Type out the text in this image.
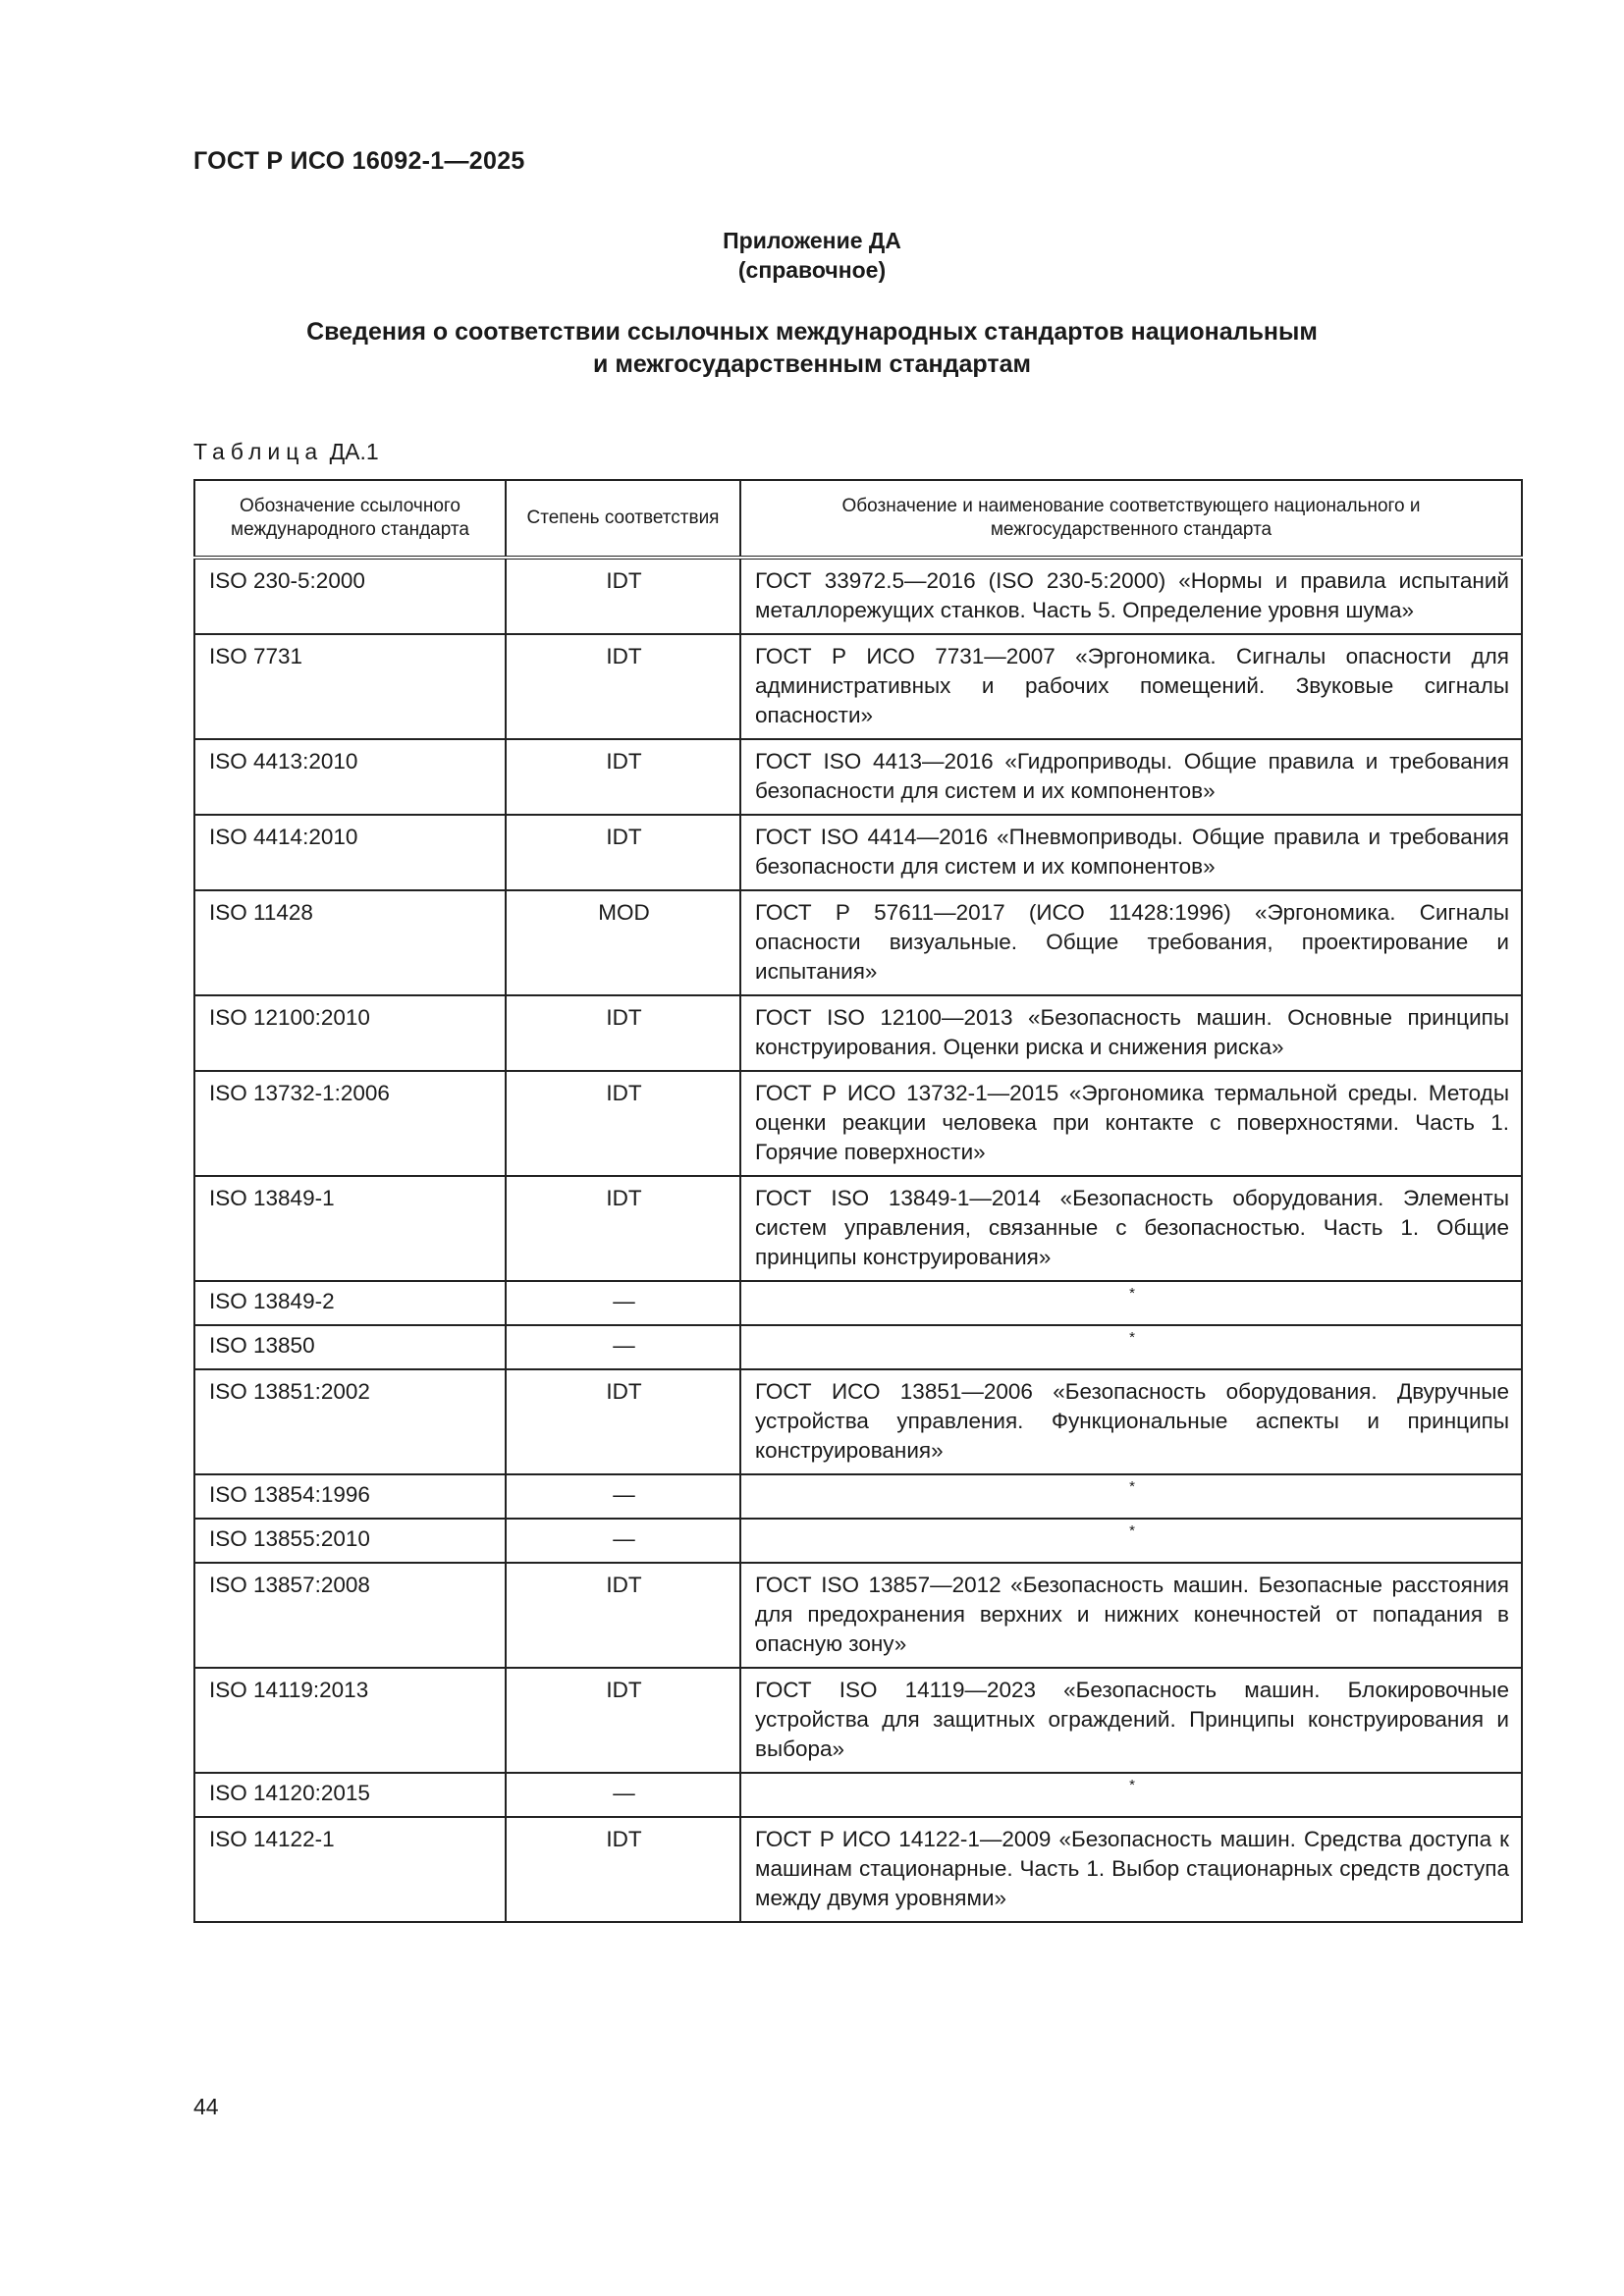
ГОСТ Р ИСО 16092-1—2025
Приложение ДА
(справочное)
Сведения о соответствии ссылочных международных стандартов национальным
и межгосударственным стандартам
Таблица ДА.1
Обозначение ссылочного международного стандарта	Степень соответствия	Обозначение и наименование соответствующего национального и межгосударственного стандарта
ISO 230-5:2000	IDT	ГОСТ 33972.5—2016 (ISO 230-5:2000) «Нормы и правила испытаний металлорежущих станков. Часть 5. Определение уровня шума»
ISO 7731	IDT	ГОСТ Р ИСО 7731—2007 «Эргономика. Сигналы опасности для административных и рабочих помещений. Звуковые сигналы опасности»
ISO 4413:2010	IDT	ГОСТ ISO 4413—2016 «Гидроприводы. Общие правила и требования безопасности для систем и их компонентов»
ISO 4414:2010	IDT	ГОСТ ISO 4414—2016 «Пневмоприводы. Общие правила и требования безопасности для систем и их компонентов»
ISO 11428	MOD	ГОСТ Р 57611—2017 (ИСО 11428:1996) «Эргономика. Сигналы опасности визуальные. Общие требования, проектирование и испытания»
ISO 12100:2010	IDT	ГОСТ ISO 12100—2013 «Безопасность машин. Основные принципы конструирования. Оценки риска и снижения риска»
ISO 13732-1:2006	IDT	ГОСТ Р ИСО 13732-1—2015 «Эргономика термальной среды. Методы оценки реакции человека при контакте с поверхностями. Часть 1. Горячие поверхности»
ISO 13849-1	IDT	ГОСТ ISO 13849-1—2014 «Безопасность оборудования. Элементы систем управления, связанные с безопасностью. Часть 1. Общие принципы конструирования»
ISO 13849-2	—	*
ISO 13850	—	*
ISO 13851:2002	IDT	ГОСТ ИСО 13851—2006 «Безопасность оборудования. Двуручные устройства управления. Функциональные аспекты и принципы конструирования»
ISO 13854:1996	—	*
ISO 13855:2010	—	*
ISO 13857:2008	IDT	ГОСТ ISO 13857—2012 «Безопасность машин. Безопасные расстояния для предохранения верхних и нижних конечностей от попадания в опасную зону»
ISO 14119:2013	IDT	ГОСТ ISO 14119—2023 «Безопасность машин. Блокировочные устройства для защитных ограждений. Принципы конструирования и выбора»
ISO 14120:2015	—	*
ISO 14122-1	IDT	ГОСТ Р ИСО 14122-1—2009 «Безопасность машин. Средства доступа к машинам стационарные. Часть 1. Выбор стационарных средств доступа между двумя уровнями»
44
